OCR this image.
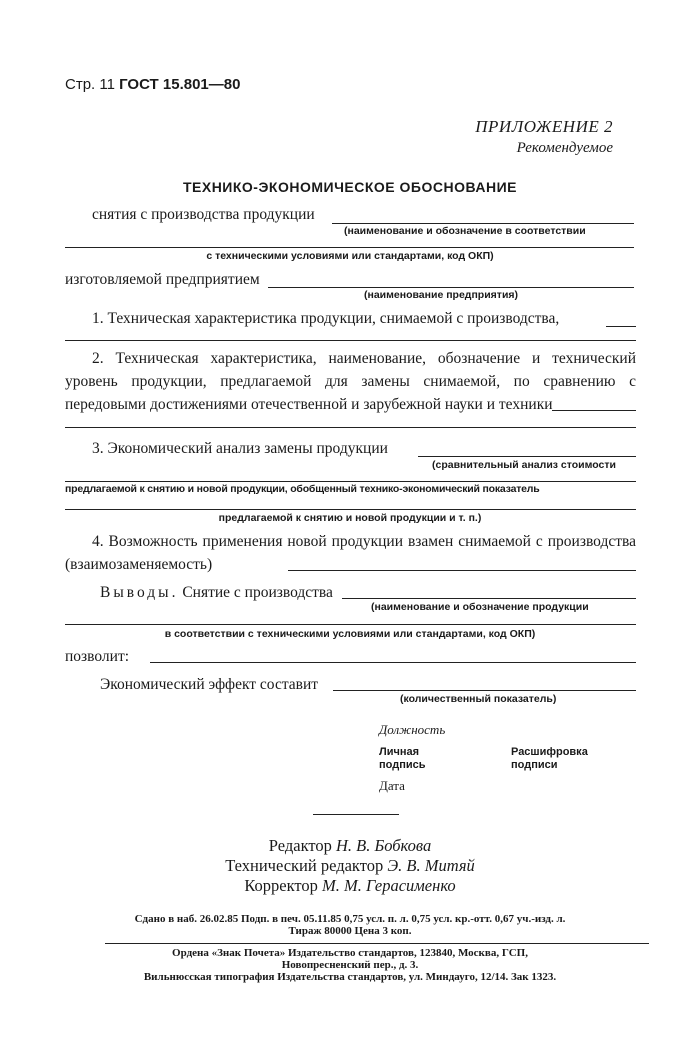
Стр. 11 ГОСТ 15.801—80
ПРИЛОЖЕНИЕ 2
Рекомендуемое
ТЕХНИКО-ЭКОНОМИЧЕСКОЕ ОБОСНОВАНИЕ
снятия с производства продукции
(наименование и обозначение в соответствии
с техническими условиями или стандартами, код ОКП)
изготовляемой предприятием
(наименование предприятия)
1. Техническая характеристика продукции, снимаемой с производства,
2. Техническая характеристика, наименование, обозначение и технический уровень продукции, предлагаемой для замены снимаемой, по сравнению с передовыми достижениями отечественной и зарубежной науки и техники
3. Экономический анализ замены продукции
(сравнительный анализ стоимости
предлагаемой к снятию и новой продукции, обобщенный технико-экономический показатель
предлагаемой к снятию и новой продукции и т. п.)
4. Возможность применения новой продукции взамен снимаемой с производства (взаимозаменяемость)
Выводы. Снятие с производства
(наименование и обозначение продукции
в соответствии с техническими условиями или стандартами, код ОКП)
позволит:
Экономический эффект составит
(количественный показатель)
Должность
Личная
подпись
Расшифровка
подписи
Дата
Редактор Н. В. Бобкова
Технический редактор Э. В. Митяй
Корректор М. М. Герасименко
Сдано в наб. 26.02.85 Подп. в печ. 05.11.85 0,75 усл. п. л. 0,75 усл. кр.-отт. 0,67 уч.-изд. л.
Тираж 80000 Цена 3 коп.
Ордена «Знак Почета» Издательство стандартов, 123840, Москва, ГСП,
Новопресненский пер., д. 3.
Вильнюсская типография Издательства стандартов, ул. Миндауго, 12/14. Зак 1323.
